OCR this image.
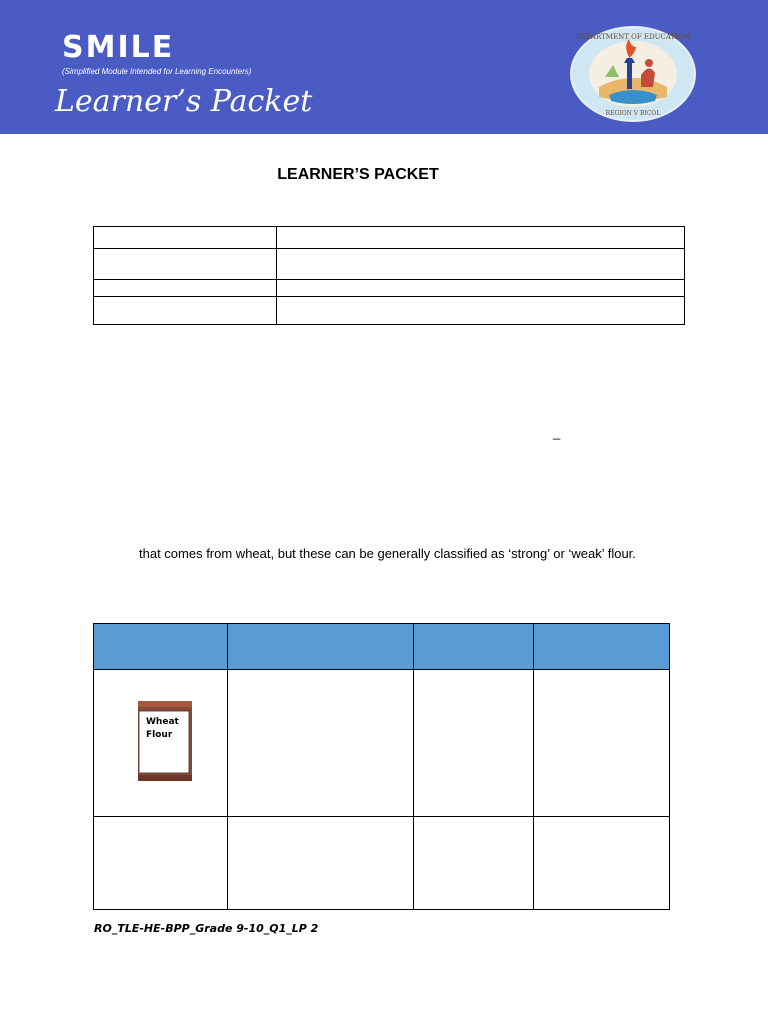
SMILE
(Simplified Module Intended for Learning Encounters)
Learner’s Packet
DEPARTMENT OF EDUCATION
REGION V BICOL
LEARNER’S PACKET

_
that comes from wheat, but these can be generally classified as ‘strong’ or ‘weak’ flour.

Wheat
Flour			

RO_TLE-HE-BPP_Grade 9-10_Q1_LP 2
